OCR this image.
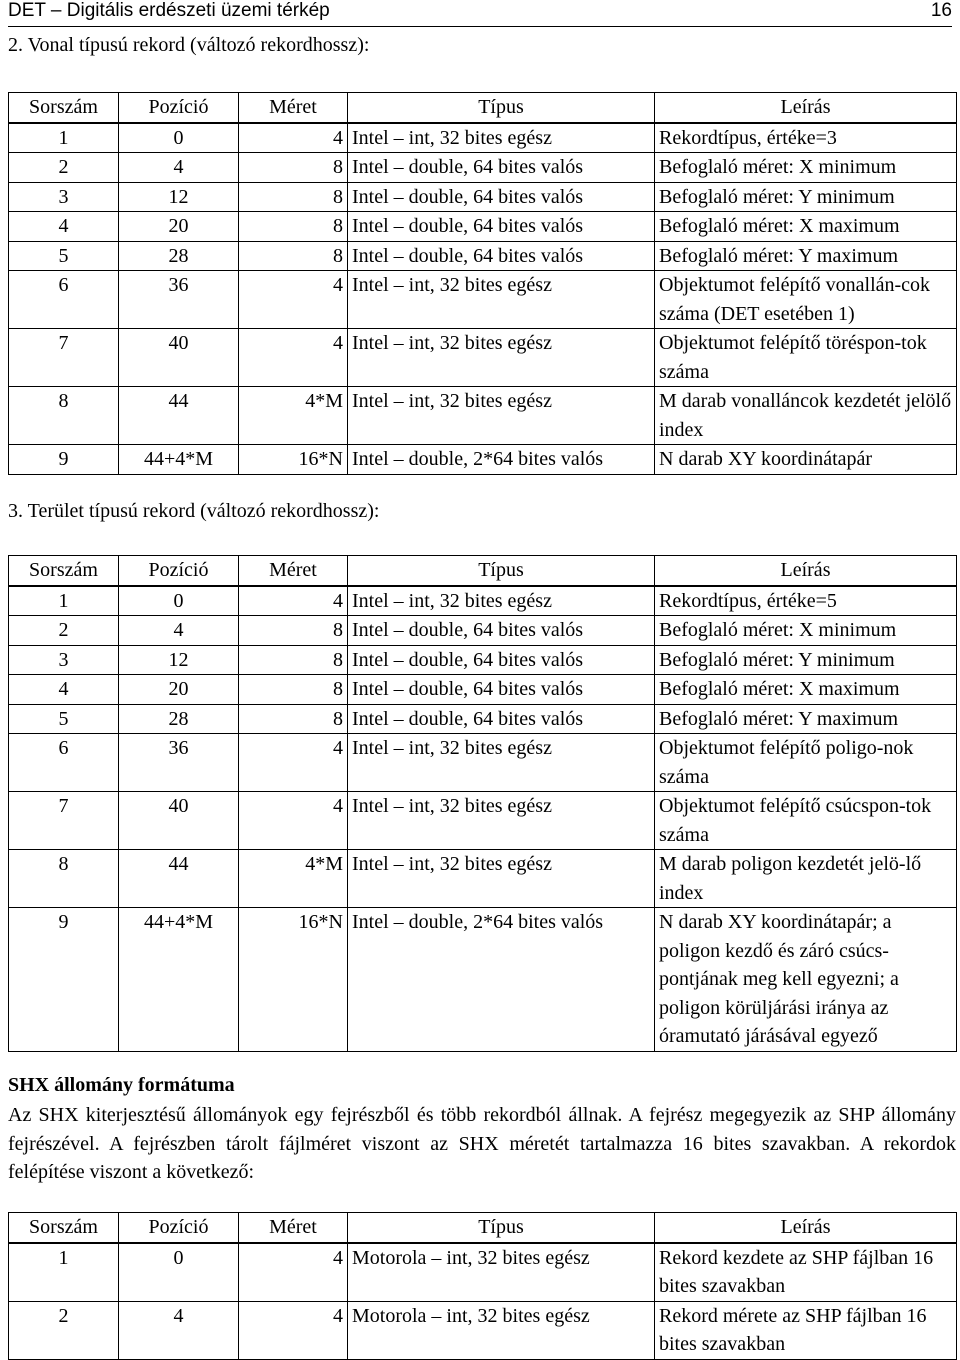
DET – Digitális erdészeti üzemi térkép	16
2. Vonal típusú rekord (változó rekordhossz):
Sorszám	Pozíció	Méret	Típus	Leírás
1	0	4	Intel – int, 32 bites egész	Rekordtípus, értéke=3
2	4	8	Intel – double, 64 bites valós	Befoglaló méret: X minimum
3	12	8	Intel – double, 64 bites valós	Befoglaló méret: Y minimum
4	20	8	Intel – double, 64 bites valós	Befoglaló méret: X maximum
5	28	8	Intel – double, 64 bites valós	Befoglaló méret: Y maximum
6	36	4	Intel – int, 32 bites egész	Objektumot felépítő vonallán-cok száma (DET esetében 1)
7	40	4	Intel – int, 32 bites egész	Objektumot felépítő töréspon-tok száma
8	44	4*M	Intel – int, 32 bites egész	M darab vonalláncok kezdetét jelölő index
9	44+4*M	16*N	Intel – double, 2*64 bites valós	N darab XY koordinátapár
3. Terület típusú rekord (változó rekordhossz):
Sorszám	Pozíció	Méret	Típus	Leírás
1	0	4	Intel – int, 32 bites egész	Rekordtípus, értéke=5
2	4	8	Intel – double, 64 bites valós	Befoglaló méret: X minimum
3	12	8	Intel – double, 64 bites valós	Befoglaló méret: Y minimum
4	20	8	Intel – double, 64 bites valós	Befoglaló méret: X maximum
5	28	8	Intel – double, 64 bites valós	Befoglaló méret: Y maximum
6	36	4	Intel – int, 32 bites egész	Objektumot felépítő poligo-nok száma
7	40	4	Intel – int, 32 bites egész	Objektumot felépítő csúcspon-tok száma
8	44	4*M	Intel – int, 32 bites egész	M darab poligon kezdetét jelö-lő index
9	44+4*M	16*N	Intel – double, 2*64 bites valós	N darab XY koordinátapár; a poligon kezdő és záró csúcs-pontjának meg kell egyezni; a poligon körüljárási iránya az óramutató járásával egyező
SHX állomány formátuma
Az SHX kiterjesztésű állományok egy fejrészből és több rekordból állnak. A fejrész megegyezik az SHP állomány fejrészével. A fejrészben tárolt fájlméret viszont az SHX méretét tartalmazza 16 bites szavakban. A rekordok felépítése viszont a következő:
Sorszám	Pozíció	Méret	Típus	Leírás
1	0	4	Motorola – int, 32 bites egész	Rekord kezdete az SHP fájlban 16 bites szavakban
2	4	4	Motorola – int, 32 bites egész	Rekord mérete az SHP fájlban 16 bites szavakban
